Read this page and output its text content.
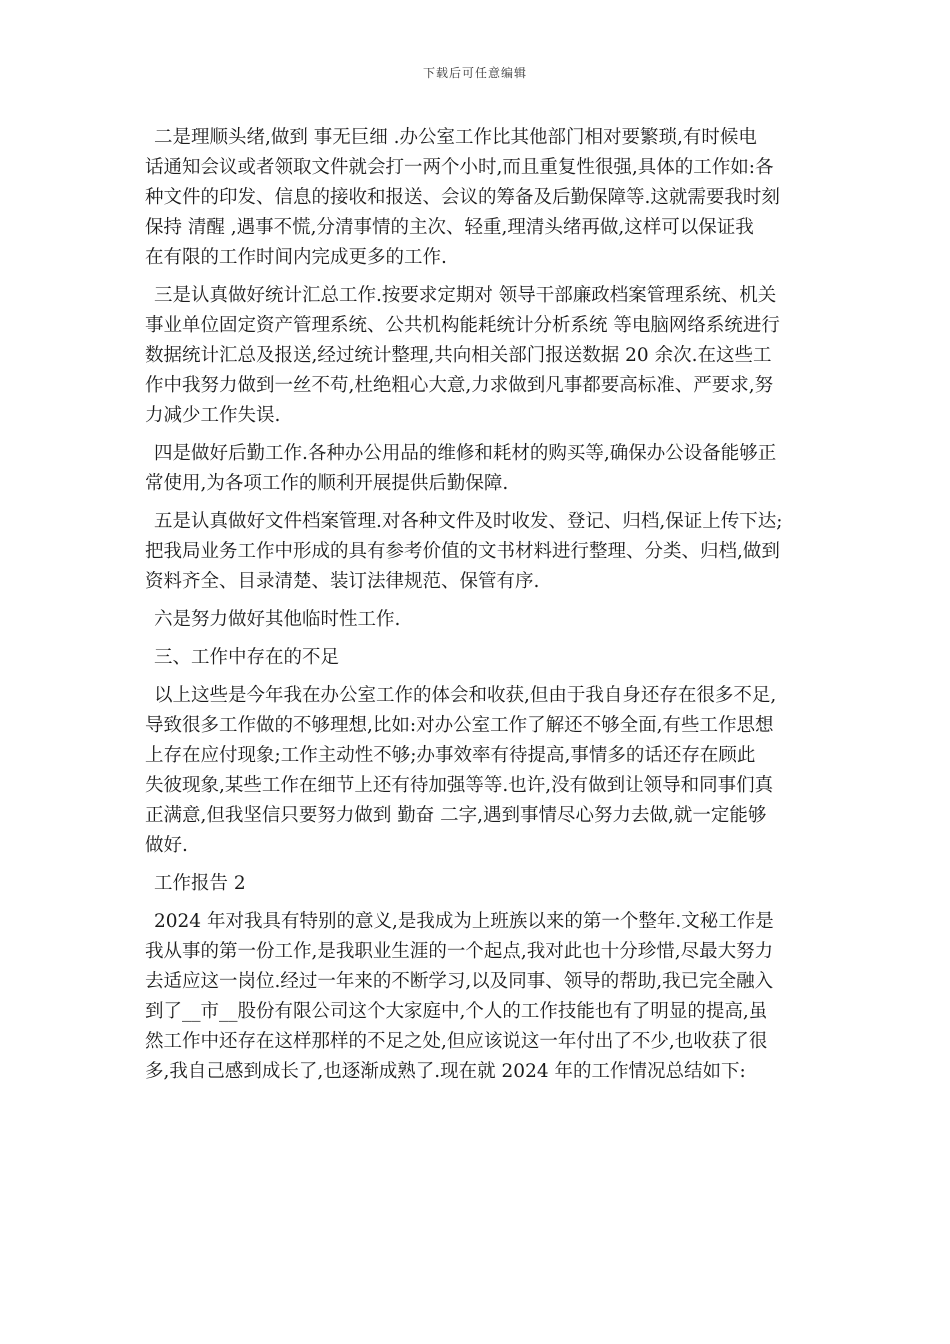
下载后可任意编辑
二是理顺头绪,做到 事无巨细 .办公室工作比其他部门相对要繁琐,有时候电
话通知会议或者领取文件就会打一两个小时,而且重复性很强,具体的工作如:各
种文件的印发、信息的接收和报送、会议的筹备及后勤保障等.这就需要我时刻
保持 清醒 ,遇事不慌,分清事情的主次、轻重,理清头绪再做,这样可以保证我
在有限的工作时间内完成更多的工作.
三是认真做好统计汇总工作.按要求定期对 领导干部廉政档案管理系统、机关
事业单位固定资产管理系统、公共机构能耗统计分析系统 等电脑网络系统进行
数据统计汇总及报送,经过统计整理,共向相关部门报送数据 20 余次.在这些工
作中我努力做到一丝不苟,杜绝粗心大意,力求做到凡事都要高标准、严要求,努
力减少工作失误.
四是做好后勤工作.各种办公用品的维修和耗材的购买等,确保办公设备能够正
常使用,为各项工作的顺利开展提供后勤保障.
五是认真做好文件档案管理.对各种文件及时收发、登记、归档,保证上传下达;
把我局业务工作中形成的具有参考价值的文书材料进行整理、分类、归档,做到
资料齐全、目录清楚、装订法律规范、保管有序.
六是努力做好其他临时性工作.
三、工作中存在的不足
以上这些是今年我在办公室工作的体会和收获,但由于我自身还存在很多不足,
导致很多工作做的不够理想,比如:对办公室工作了解还不够全面,有些工作思想
上存在应付现象;工作主动性不够;办事效率有待提高,事情多的话还存在顾此
失彼现象,某些工作在细节上还有待加强等等.也许,没有做到让领导和同事们真
正满意,但我坚信只要努力做到 勤奋 二字,遇到事情尽心努力去做,就一定能够
做好.
工作报告 2
2024 年对我具有特别的意义,是我成为上班族以来的第一个整年.文秘工作是
我从事的第一份工作,是我职业生涯的一个起点,我对此也十分珍惜,尽最大努力
去适应这一岗位.经过一年来的不断学习,以及同事、领导的帮助,我已完全融入
到了__市__股份有限公司这个大家庭中,个人的工作技能也有了明显的提高,虽
然工作中还存在这样那样的不足之处,但应该说这一年付出了不少,也收获了很
多,我自己感到成长了,也逐渐成熟了.现在就 2024 年的工作情况总结如下:
